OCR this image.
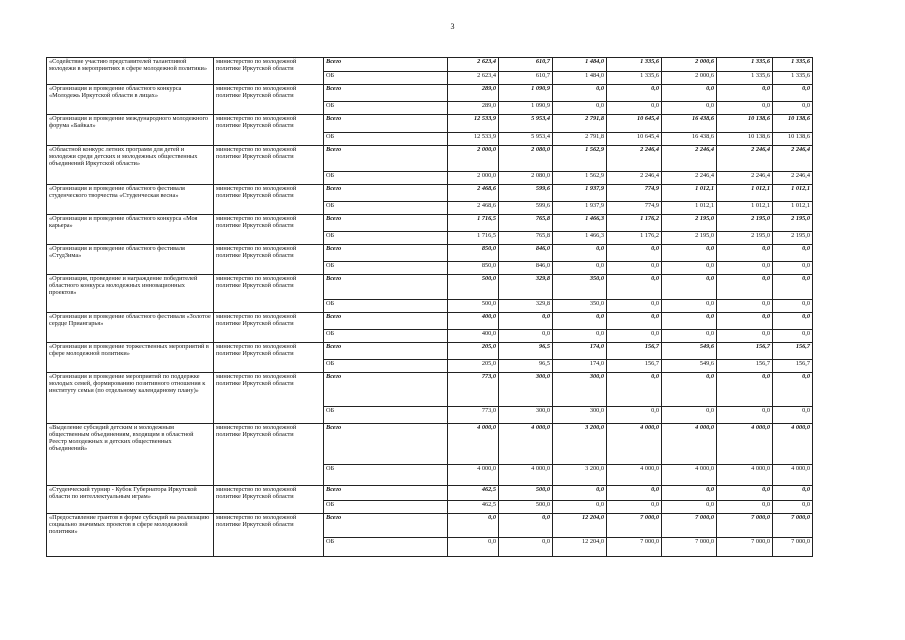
3
«Содействие участию представителей талантливой молодежи в мероприятиях в сфере молодежной политики»	министерство по молодежной политике Иркутской области	Всего	2 623,4	610,7	1 484,0	1 335,6	2 000,6	1 335,6	1 335,6
		ОБ	2 623,4	610,7	1 484,0	1 335,6	2 000,6	1 335,6	1 335,6
«Организация и проведение областного конкурса «Молодежь Иркутской области в лицах»	министерство по молодежной политике Иркутской области	Всего	289,0	1 090,9	0,0	0,0	0,0	0,0	0,0
		ОБ	289,0	1 090,9	0,0	0,0	0,0	0,0	0,0
«Организация и проведение международного молодежного форума «Байкал»	министерство по молодежной политике Иркутской области	Всего	12 533,9	5 953,4	2 791,8	10 645,4	16 438,6	10 138,6	10 138,6
		ОБ	12 533,9	5 953,4	2 791,8	10 645,4	16 438,6	10 138,6	10 138,6
«Областной конкурс летних программ для детей и молодежи среди детских и молодежных общественных объединений Иркутской области»	министерство по молодежной политике Иркутской области	Всего	2 000,0	2 080,0	1 562,9	2 246,4	2 246,4	2 246,4	2 246,4
		ОБ	2 000,0	2 080,0	1 562,9	2 246,4	2 246,4	2 246,4	2 246,4
«Организация и проведение областного фестиваля студенческого творчества «Студенческая весна»	министерство по молодежной политике Иркутской области	Всего	2 468,6	599,6	1 937,9	774,9	1 012,1	1 012,1	1 012,1
		ОБ	2 468,6	599,6	1 937,9	774,9	1 012,1	1 012,1	1 012,1
«Организация и проведение областного конкурса «Моя карьера»	министерство по молодежной политике Иркутской области	Всего	1 716,5	765,8	1 466,3	1 176,2	2 195,0	2 195,0	2 195,0
		ОБ	1 716,5	765,8	1 466,3	1 176,2	2 195,0	2 195,0	2 195,0
«Организация и проведение областного фестиваля «СтудЗима»	министерство по молодежной политике Иркутской области	Всего	850,0	846,0	0,0	0,0	0,0	0,0	0,0
		ОБ	850,0	846,0	0,0	0,0	0,0	0,0	0,0
«Организация, проведение и награждение победителей областного конкурса молодежных инновационных проектов»	министерство по молодежной политике Иркутской области	Всего	500,0	329,8	350,0	0,0	0,0	0,0	0,0
		ОБ	500,0	329,8	350,0	0,0	0,0	0,0	0,0
«Организация и проведение областного фестиваля «Золотое сердце Приангарья»	министерство по молодежной политике Иркутской области	Всего	400,0	0,0	0,0	0,0	0,0	0,0	0,0
		ОБ	400,0	0,0	0,0	0,0	0,0	0,0	0,0
«Организация и проведение торжественных мероприятий в сфере молодежной политики»	министерство по молодежной политике Иркутской области	Всего	205,0	96,5	174,0	156,7	549,6	156,7	156,7
		ОБ	205,0	96,5	174,0	156,7	549,6	156,7	156,7
«Организация и проведение мероприятий по поддержке молодых семей, формированию позитивного отношения к институту семьи (по отдельному календарному плану)»	министерство по молодежной политике Иркутской области	Всего	773,0	300,0	300,0	0,0	0,0	0,0	0,0
		ОБ	773,0	300,0	300,0	0,0	0,0	0,0	0,0
«Выделение субсидий детским и молодежным общественным объединениям, входящим в областной Реестр молодежных и детских общественных объединений»	министерство по молодежной политике Иркутской области	Всего	4 000,0	4 000,0	3 200,0	4 000,0	4 000,0	4 000,0	4 000,0
		ОБ	4 000,0	4 000,0	3 200,0	4 000,0	4 000,0	4 000,0	4 000,0
«Студенческий турнир - Кубок Губернатора Иркутской области по интеллектуальным играм»	министерство по молодежной политике Иркутской области	Всего	462,5	500,0	0,0	0,0	0,0	0,0	0,0
		ОБ	462,5	500,0	0,0	0,0	0,0	0,0	0,0
«Предоставление грантов в форме субсидий на реализацию социально значимых проектов в сфере молодежной политики»	министерство по молодежной политике Иркутской области	Всего	0,0	0,0	12 204,0	7 000,0	7 000,0	7 000,0	7 000,0
		ОБ	0,0	0,0	12 204,0	7 000,0	7 000,0	7 000,0	7 000,0
